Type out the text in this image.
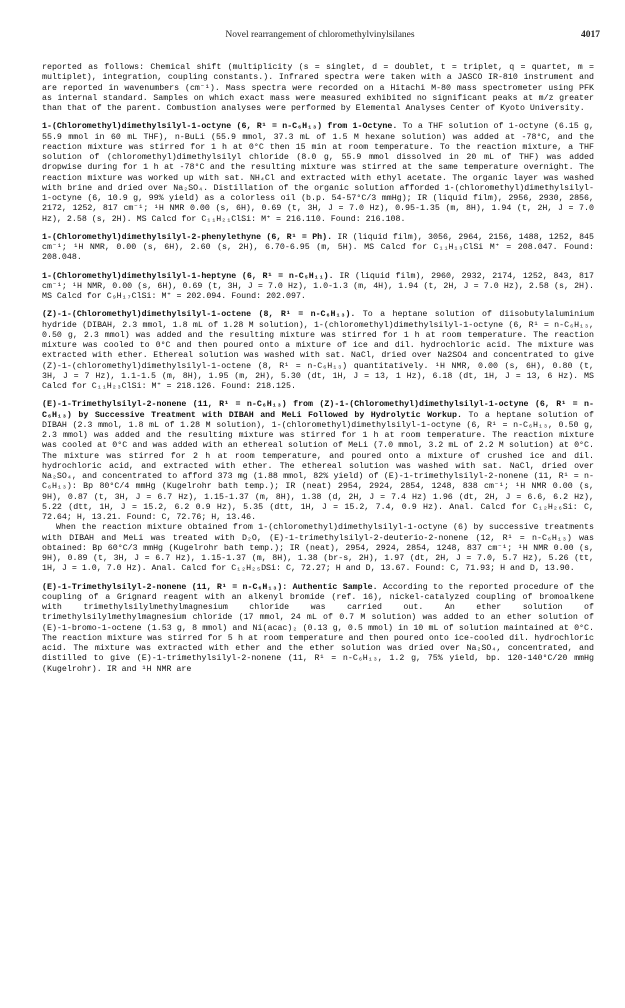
Novel rearrangement of chloromethylvinylsilanes	4017

reported as follows: Chemical shift (multiplicity (s = singlet, d = doublet, t = triplet, q = quartet, m = multiplet), integration, coupling constants.). Infrared spectra were taken with a JASCO IR-810 instrument and are reported in wavenumbers (cm⁻¹). Mass spectra were recorded on a Hitachi M-80 mass spectrometer using PFK as internal standard. Samples on which exact mass were measured exhibited no significant peaks at m/z greater than that of the parent. Combustion analyses were performed by Elemental Analyses Center of Kyoto University.

1-(Chloromethyl)dimethylsilyl-1-octyne (6, R¹ = n-C₆H₁₃) from 1-Octyne. To a THF solution of 1-octyne (6.15 g, 55.9 mmol in 60 mL THF), n-BuLi (55.9 mmol, 37.3 mL of 1.5 M hexane solution) was added at -78°C, and the reaction mixture was stirred for 1 h at 0°C then 15 min at room temperature. To the reaction mixture, a THF solution of (chloromethyl)dimethylsilyl chloride (8.0 g, 55.9 mmol dissolved in 20 mL of THF) was added dropwise during for 1 h at -78°C and the resulting mixture was stirred at the same temperature overnight. The reaction mixture was worked up with sat. NH₄Cl and extracted with ethyl acetate. The organic layer was washed with brine and dried over Na₂SO₄. Distillation of the organic solution afforded 1-(chloromethyl)dimethylsilyl-1-octyne (6, 10.9 g, 99% yield) as a colorless oil (b.p. 54-57°C/3 mmHg); IR (liquid film), 2956, 2930, 2856, 2172, 1252, 817 cm⁻¹; ¹H NMR 0.00 (s, 6H), 0.69 (t, 3H, J = 7.0 Hz), 0.95-1.35 (m, 8H), 1.94 (t, 2H, J = 7.0 Hz), 2.58 (s, 2H). MS Calcd for C₁₁H₂₁ClSi: M⁺ = 216.110. Found: 216.108.

1-(Chloromethyl)dimethylsilyl-2-phenylethyne (6, R¹ = Ph). IR (liquid film), 3056, 2964, 2156, 1488, 1252, 845 cm⁻¹; ¹H NMR, 0.00 (s, 6H), 2.60 (s, 2H), 6.70-6.95 (m, 5H). MS Calcd for C₁₁H₁₃ClSi M⁺ = 208.047. Found: 208.048.

1-(Chloromethyl)dimethylsilyl-1-heptyne (6, R¹ = n-C₅H₁₁). IR (liquid film), 2960, 2932, 2174, 1252, 843, 817 cm⁻¹; ¹H NMR, 0.00 (s, 6H), 0.69 (t, 3H, J = 7.0 Hz), 1.0-1.3 (m, 4H), 1.94 (t, 2H, J = 7.0 Hz), 2.58 (s, 2H). MS Calcd for C₉H₁₇ClSi: M⁺ = 202.094. Found: 202.097.

(Z)-1-(Chloromethyl)dimethylsilyl-1-octene (8, R¹ = n-C₆H₁₃). To a heptane solution of diisobutylaluminium hydride (DIBAH, 2.3 mmol, 1.8 mL of 1.28 M solution), 1-(chloromethyl)dimethylsilyl-1-octyne (6, R¹ = n-C₆H₁₃, 0.50 g, 2.3 mmol) was added and the resulting mixture was stirred for 1 h at room temperature. The reaction mixture was cooled to 0°C and then poured onto a mixture of ice and dil. hydrochloric acid. The mixture was extracted with ether. Ethereal solution was washed with sat. NaCl, dried over Na2SO4 and concentrated to give (Z)-1-(chloromethyl)dimethylsilyl-1-octene (8, R¹ = n-C₆H₁₃) quantitatively. ¹H NMR, 0.00 (s, 6H), 0.80 (t, 3H, J = 7 Hz), 1.1-1.5 (m, 8H), 1.95 (m, 2H), 5.30 (dt, 1H, J = 13, 1 Hz), 6.18 (dt, 1H, J = 13, 6 Hz). MS Calcd for C₁₁H₂₃ClSi: M⁺ = 218.126. Found: 218.125.

(E)-1-Trimethylsilyl-2-nonene (11, R¹ = n-C₆H₁₃) from (Z)-1-(Chloromethyl)dimethylsilyl-1-octyne (6, R¹ = n-C₆H₁₃) by Successive Treatment with DIBAH and MeLi Followed by Hydrolytic Workup. To a heptane solution of DIBAH (2.3 mmol, 1.8 mL of 1.28 M solution), 1-(chloromethyl)dimethylsilyl-1-octyne (6, R¹ = n-C₆H₁₃, 0.50 g, 2.3 mmol) was added and the resulting mixture was stirred for 1 h at room temperature. The reaction mixture was cooled at 0°C and was added with an ethereal solution of MeLi (7.0 mmol, 3.2 mL of 2.2 M solution) at 0°C. The mixture was stirred for 2 h at room temperature, and poured onto a mixture of crushed ice and dil. hydrochloric acid, and extracted with ether. The ethereal solution was washed with sat. NaCl, dried over Na₂SO₄, and concentrated to afford 373 mg (1.88 mmol, 82% yield) of (E)-1-trimethylsilyl-2-nonene (11, R¹ = n-C₆H₁₃): Bp 80°C/4 mmHg (Kugelrohr bath temp.); IR (neat) 2954, 2924, 2854, 1248, 838 cm⁻¹; ¹H NMR 0.00 (s, 9H), 0.87 (t, 3H, J = 6.7 Hz), 1.15-1.37 (m, 8H), 1.38 (d, 2H, J = 7.4 Hz) 1.96 (dt, 2H, J = 6.6, 6.2 Hz), 5.22 (dtt, 1H, J = 15.2, 6.2 0.9 Hz), 5.35 (dtt, 1H, J = 15.2, 7.4, 0.9 Hz). Anal. Calcd for C₁₂H₂₆Si: C, 72.64; H, 13.21. Found: C, 72.76; H, 13.46.

When the reaction mixture obtained from 1-(chloromethyl)dimethylsilyl-1-octyne (6) by successive treatments with DIBAH and MeLi was treated with D₂O, (E)-1-trimethylsilyl-2-deuterio-2-nonene (12, R¹ = n-C₆H₁₃) was obtained: Bp 60°C/3 mmHg (Kugelrohr bath temp.); IR (neat), 2954, 2924, 2854, 1248, 837 cm⁻¹; ¹H NMR 0.00 (s, 9H), 0.89 (t, 3H, J = 6.7 Hz), 1.15-1.37 (m, 8H), 1.38 (br-s, 2H), 1.97 (dt, 2H, J = 7.0, 5.7 Hz), 5.26 (tt, 1H, J = 1.0, 7.0 Hz). Anal. Calcd for C₁₂H₂₅DSi: C, 72.27; H and D, 13.67. Found: C, 71.93; H and D, 13.90.

(E)-1-Trimethylsilyl-2-nonene (11, R¹ = n-C₆H₁₃): Authentic Sample. According to the reported procedure of the coupling of a Grignard reagent with an alkenyl bromide (ref. 16), nickel-catalyzed coupling of bromoalkene with trimethylsilylmethylmagnesium chloride was carried out. An ether solution of trimethylsilylmethylmagnesium chloride (17 mmol, 24 mL of 0.7 M solution) was added to an ether solution of (E)-1-bromo-1-octene (1.53 g, 8 mmol) and Ni(acac)₂ (0.13 g, 0.5 mmol) in 10 mL of solution maintained at 0°C. The reaction mixture was stirred for 5 h at room temperature and then poured onto ice-cooled dil. hydrochloric acid. The mixture was extracted with ether and the ether solution was dried over Na₂SO₄, concentrated, and distilled to give (E)-1-trimethylsilyl-2-nonene (11, R¹ = n-C₆H₁₃, 1.2 g, 75% yield, bp. 120-140°C/20 mmHg (Kugelrohr). IR and ¹H NMR are
